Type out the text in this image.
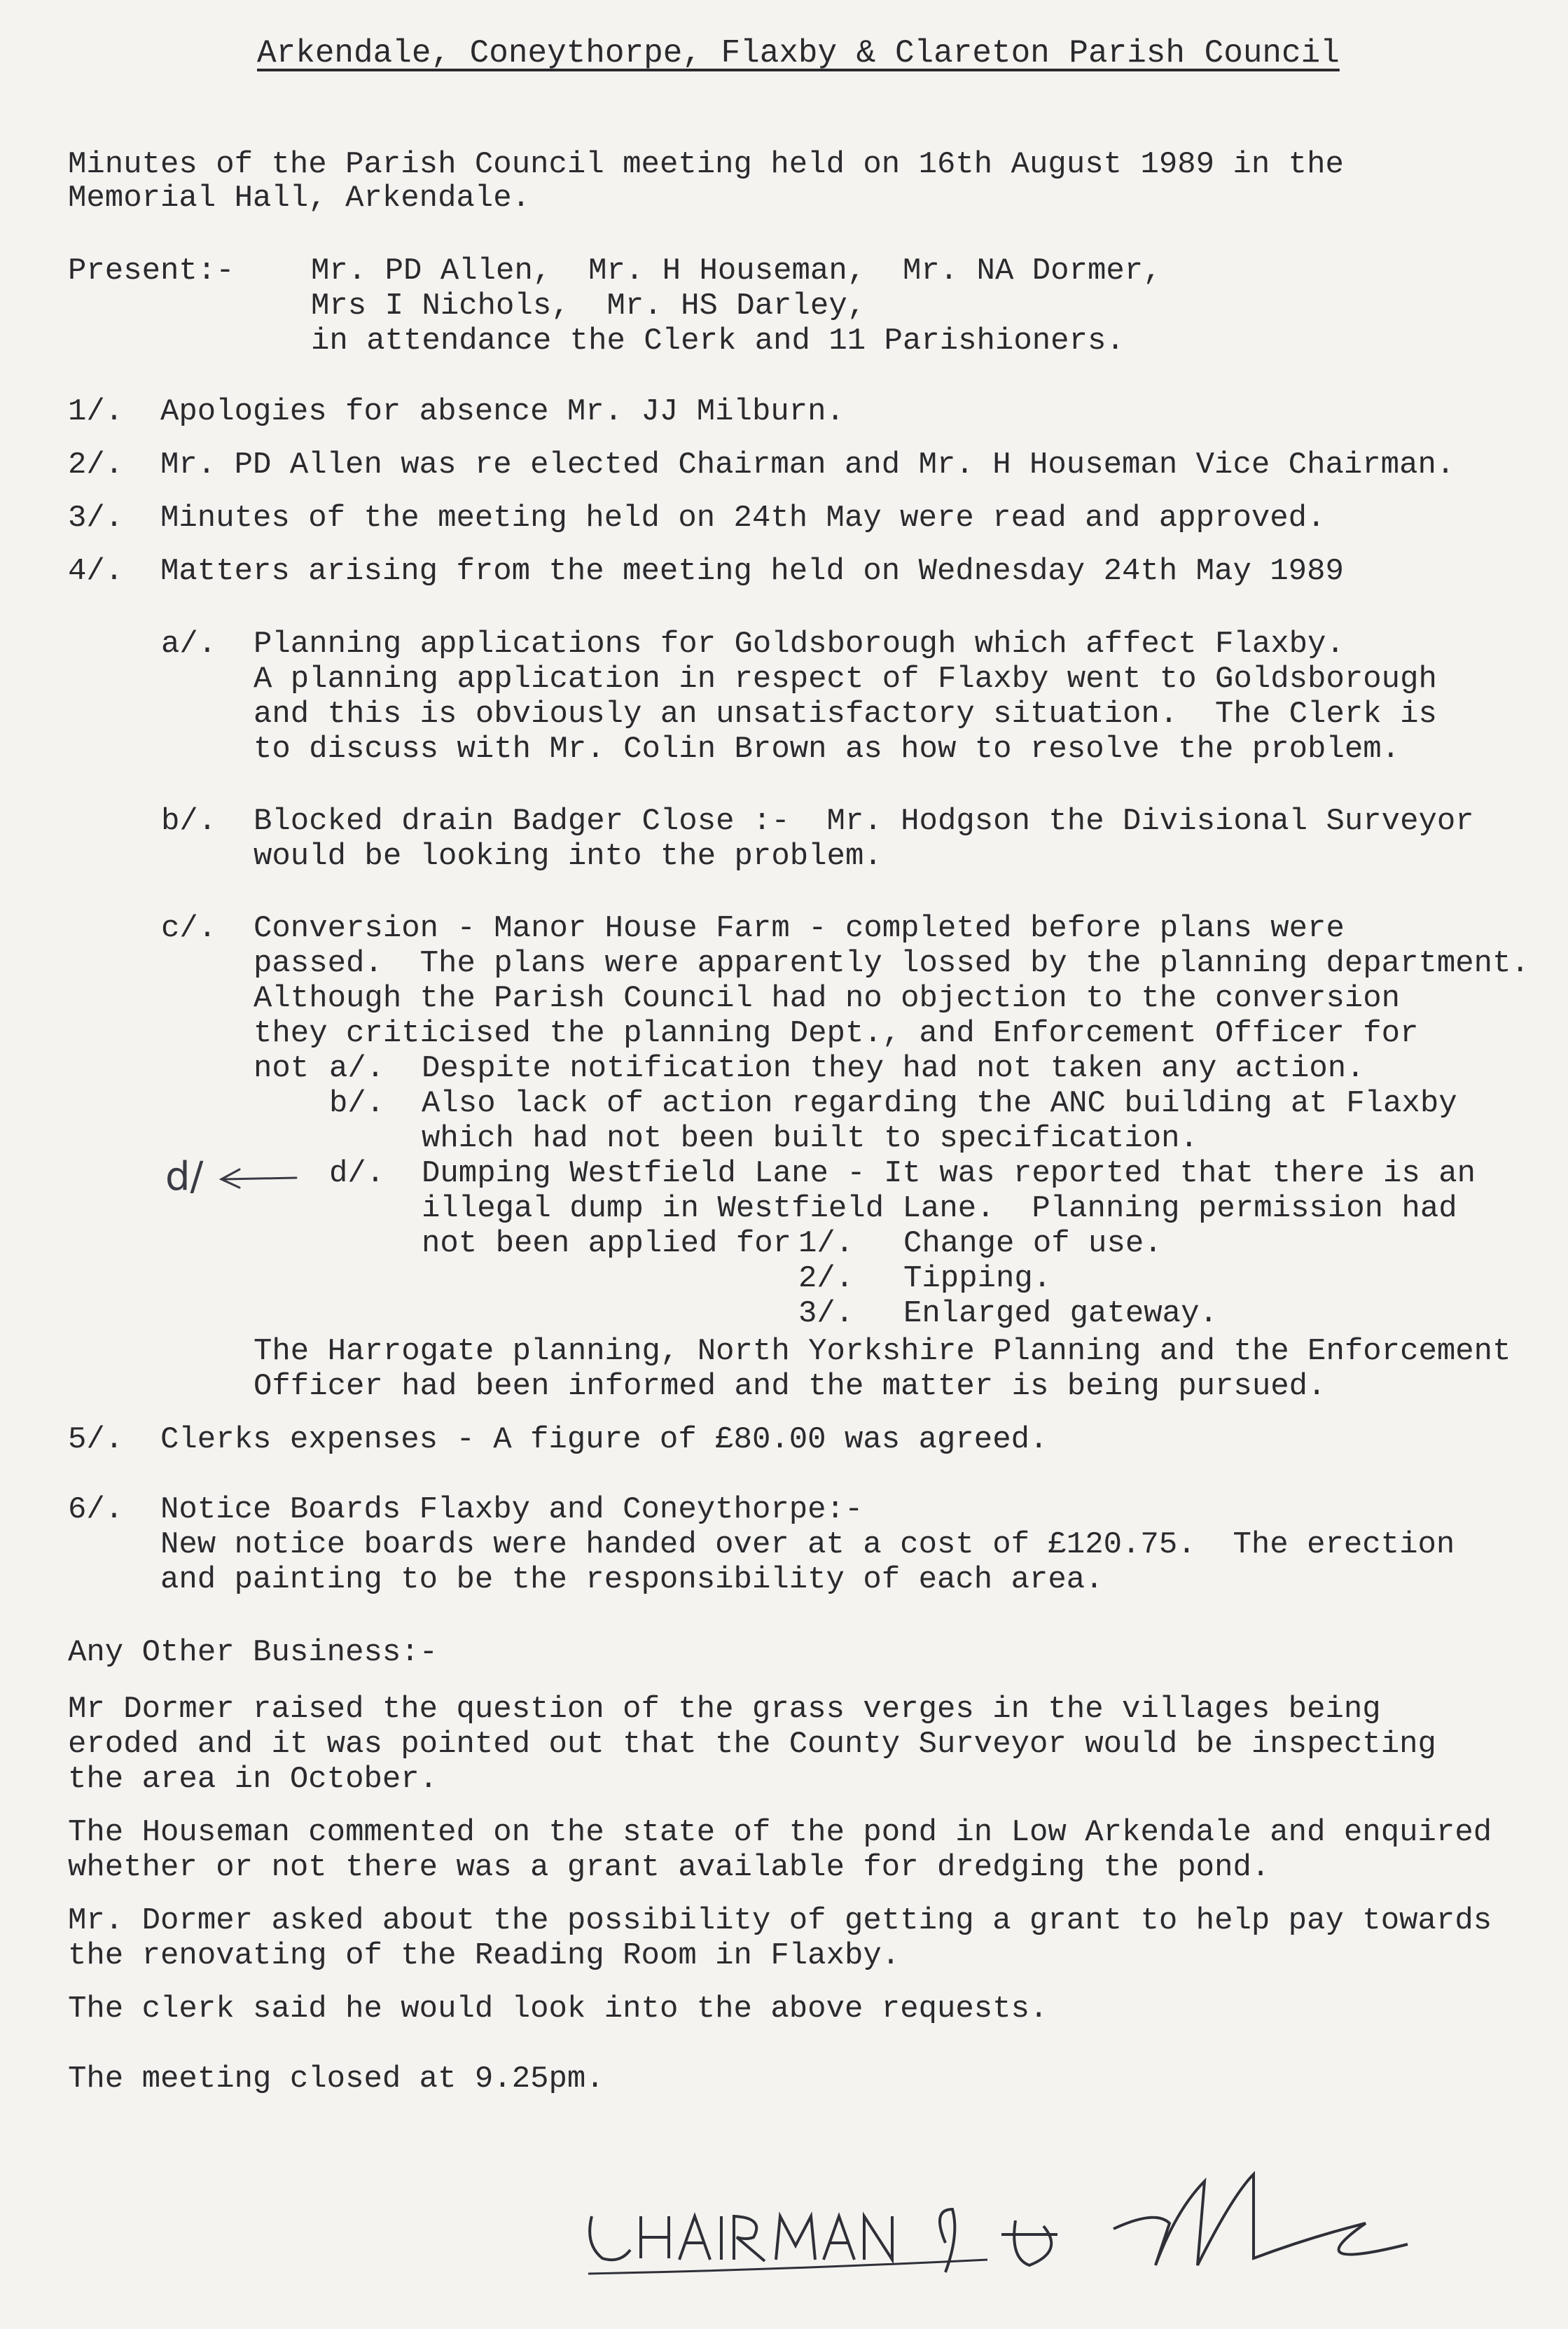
Arkendale, Coneythorpe, Flaxby & Clareton Parish Council
Minutes of the Parish Council meeting held on 16th August 1989 in the
Memorial Hall, Arkendale.
Present:- Mr. PD Allen,  Mr. H Houseman,  Mr. NA Dormer,
Mrs I Nichols,  Mr. HS Darley,
in attendance the Clerk and 11 Parishioners.
1/. Apologies for absence Mr. JJ Milburn.
2/. Mr. PD Allen was re elected Chairman and Mr. H Houseman Vice Chairman.
3/. Minutes of the meeting held on 24th May were read and approved.
4/. Matters arising from the meeting held on Wednesday 24th May 1989
a/. Planning applications for Goldsborough which affect Flaxby.
A planning application in respect of Flaxby went to Goldsborough
and this is obviously an unsatisfactory situation.  The Clerk is
to discuss with Mr. Colin Brown as how to resolve the problem.
b/. Blocked drain Badger Close :-  Mr. Hodgson the Divisional Surveyor
would be looking into the problem.
c/. Conversion - Manor House Farm - completed before plans were
passed.  The plans were apparently lossed by the planning department.
Although the Parish Council had no objection to the conversion
they criticised the planning Dept., and Enforcement Officer for
not a/. Despite notification they had not taken any action.
b/. Also lack of action regarding the ANC building at Flaxby
which had not been built to specification.
d/. Dumping Westfield Lane - It was reported that there is an
illegal dump in Westfield Lane.  Planning permission had
not been applied for 1/. Change of use.
2/. Tipping.
3/. Enlarged gateway.
The Harrogate planning, North Yorkshire Planning and the Enforcement
Officer had been informed and the matter is being pursued.
d/
5/. Clerks expenses - A figure of £80.00 was agreed.
6/. Notice Boards Flaxby and Coneythorpe:-
New notice boards were handed over at a cost of £120.75.  The erection
and painting to be the responsibility of each area.
Any Other Business:-
Mr Dormer raised the question of the grass verges in the villages being
eroded and it was pointed out that the County Surveyor would be inspecting
the area in October.
The Houseman commented on the state of the pond in Low Arkendale and enquired
whether or not there was a grant available for dredging the pond.
Mr. Dormer asked about the possibility of getting a grant to help pay towards
the renovating of the Reading Room in Flaxby.
The clerk said he would look into the above requests.
The meeting closed at 9.25pm.
